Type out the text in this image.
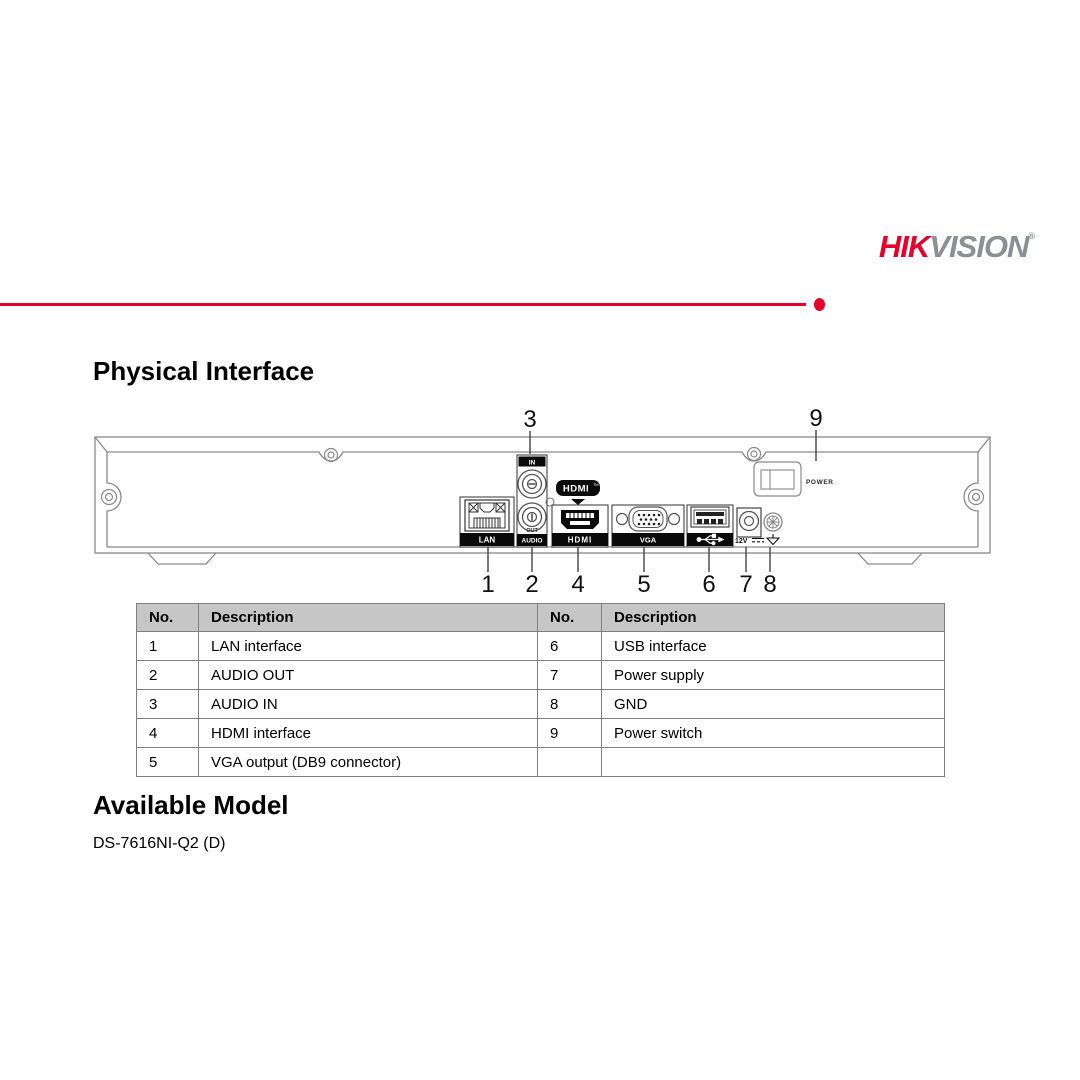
HIKVISION®
Physical Interface
LAN
IN
OUT
AUDIO
HDMI TM
HDMI	VGA	12V
POWER
3	9
1 2 4 5 6 7 8
No.	Description	No.	Description
1	LAN interface	6	USB interface
2	AUDIO OUT	7	Power supply
3	AUDIO IN	8	GND
4	HDMI interface	9	Power switch
5	VGA output (DB9 connector)		
Available Model
DS-7616NI-Q2 (D)
